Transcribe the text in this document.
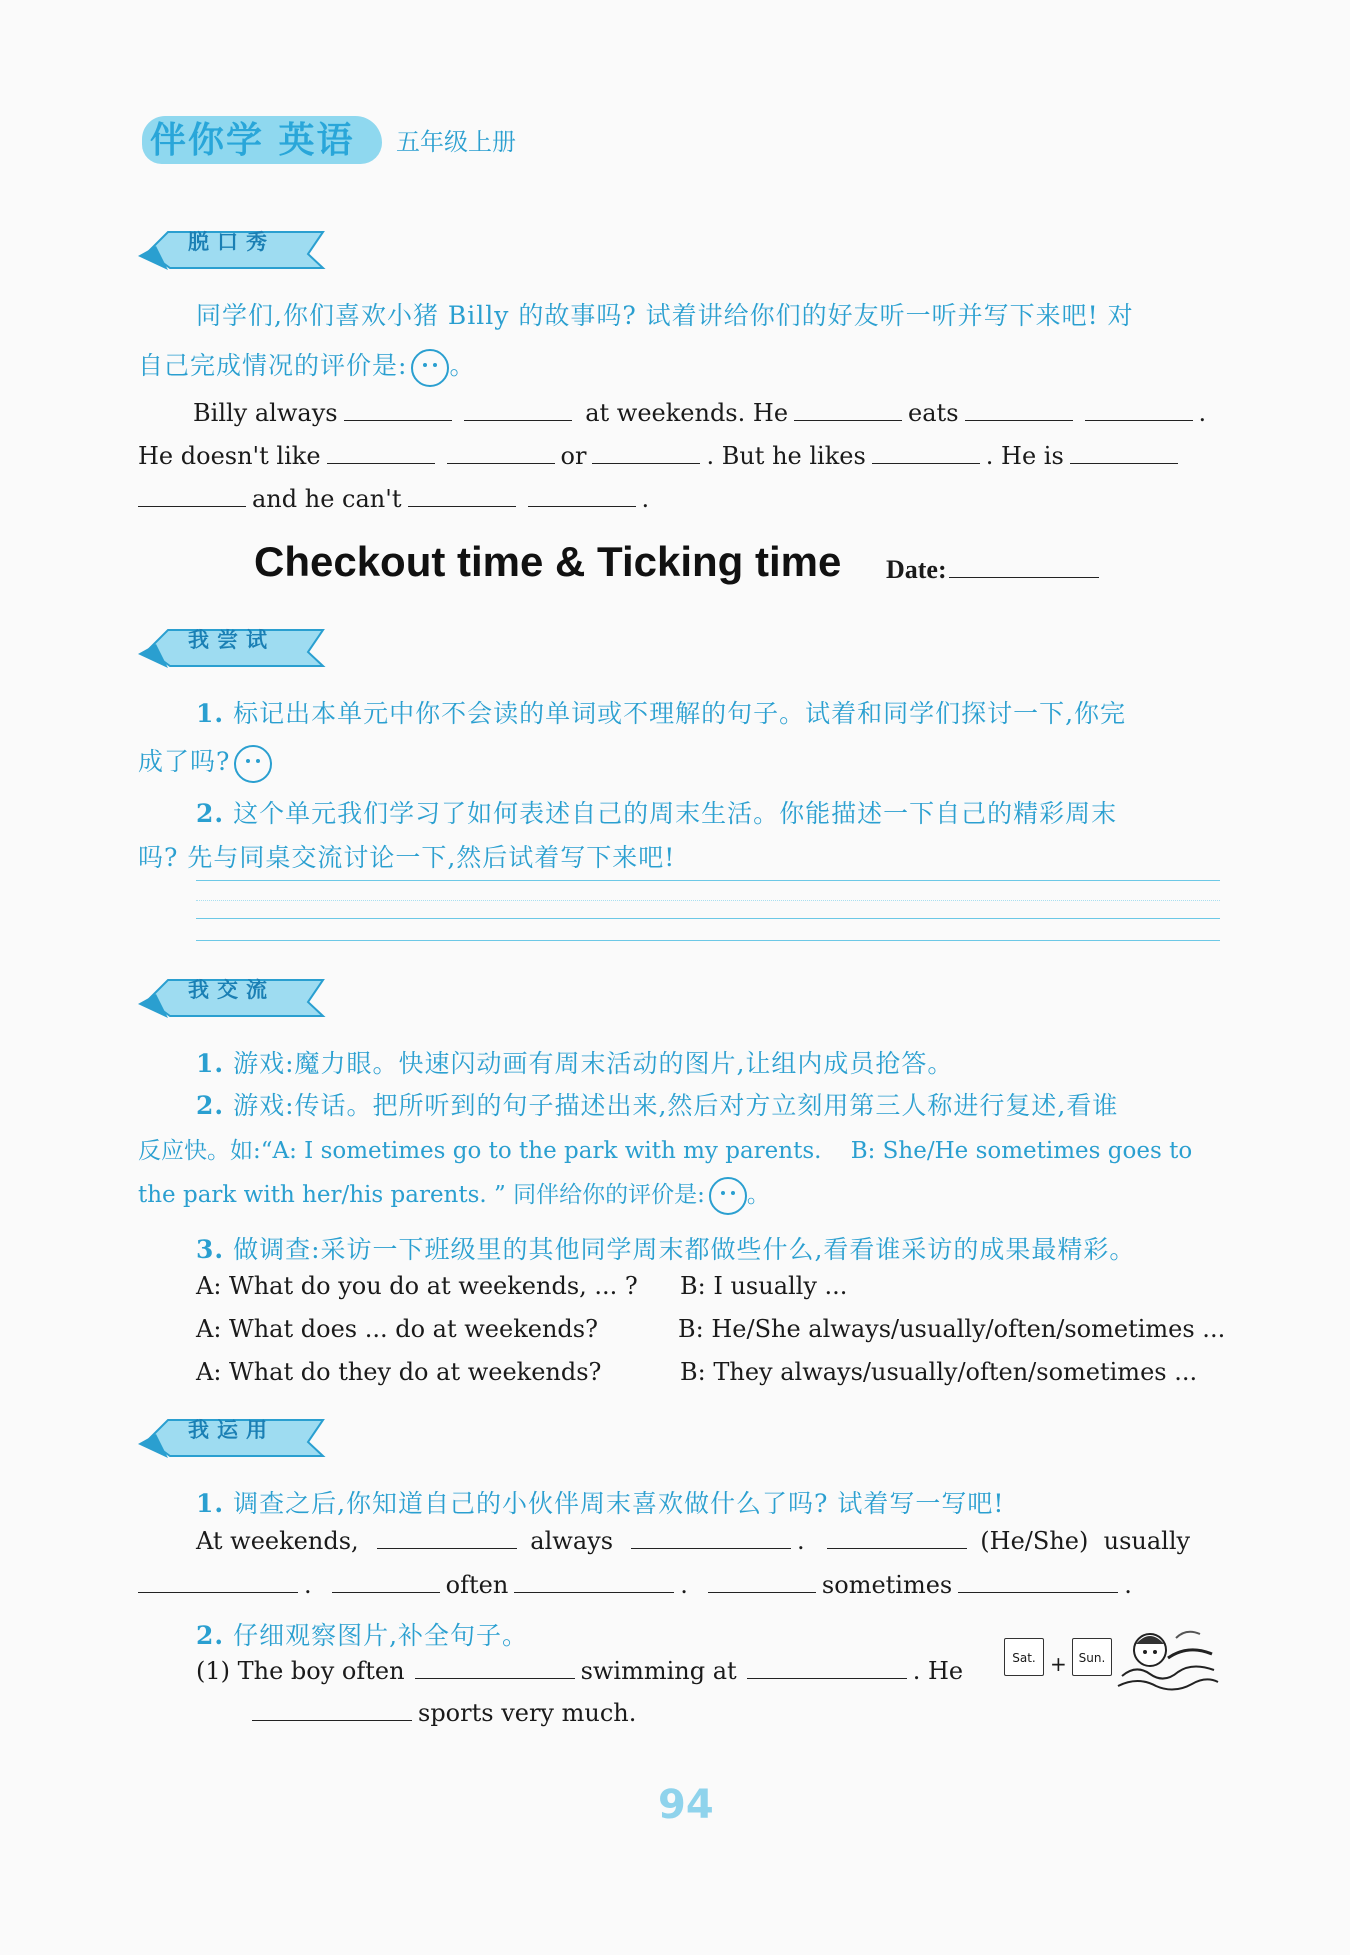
伴你学 英语 五年级上册
脱口秀
同学们,你们喜欢小猪 Billy 的故事吗? 试着讲给你们的好友听一听并写下来吧! 对
自己完成情况的评价是: 。
Billy always	at weekends. He	eats	.
He doesn't like	or	. But he likes	. He is
and he can't	.
Checkout time & Ticking time Date:
我尝试
1. 标记出本单元中你不会读的单词或不理解的句子。试着和同学们探讨一下,你完
成了吗?
2. 这个单元我们学习了如何表述自己的周末生活。你能描述一下自己的精彩周末
吗? 先与同桌交流讨论一下,然后试着写下来吧!
我交流
1. 游戏:魔力眼。快速闪动画有周末活动的图片,让组内成员抢答。
2. 游戏:传话。把所听到的句子描述出来,然后对方立刻用第三人称进行复述,看谁
反应快。如:“A: I sometimes go to the park with my parents. B: She/He sometimes goes to
the park with her/his parents. ” 同伴给你的评价是: 。
3. 做调查:采访一下班级里的其他同学周末都做些什么,看看谁采访的成果最精彩。
A: What do you do at weekends, ... ? B: I usually ...
A: What does ... do at weekends?	B: He/She always/usually/often/sometimes ...
A: What do they do at weekends?	B: They always/usually/often/sometimes ...
我运用
1. 调查之后,你知道自己的小伙伴周末喜欢做什么了吗? 试着写一写吧!
At weekends,	always	.	(He/She) usually
.	often	.	sometimes	.
2. 仔细观察图片,补全句子。
(1) The boy often	swimming at	. He
sports very much.
Sat. + Sun.
94
